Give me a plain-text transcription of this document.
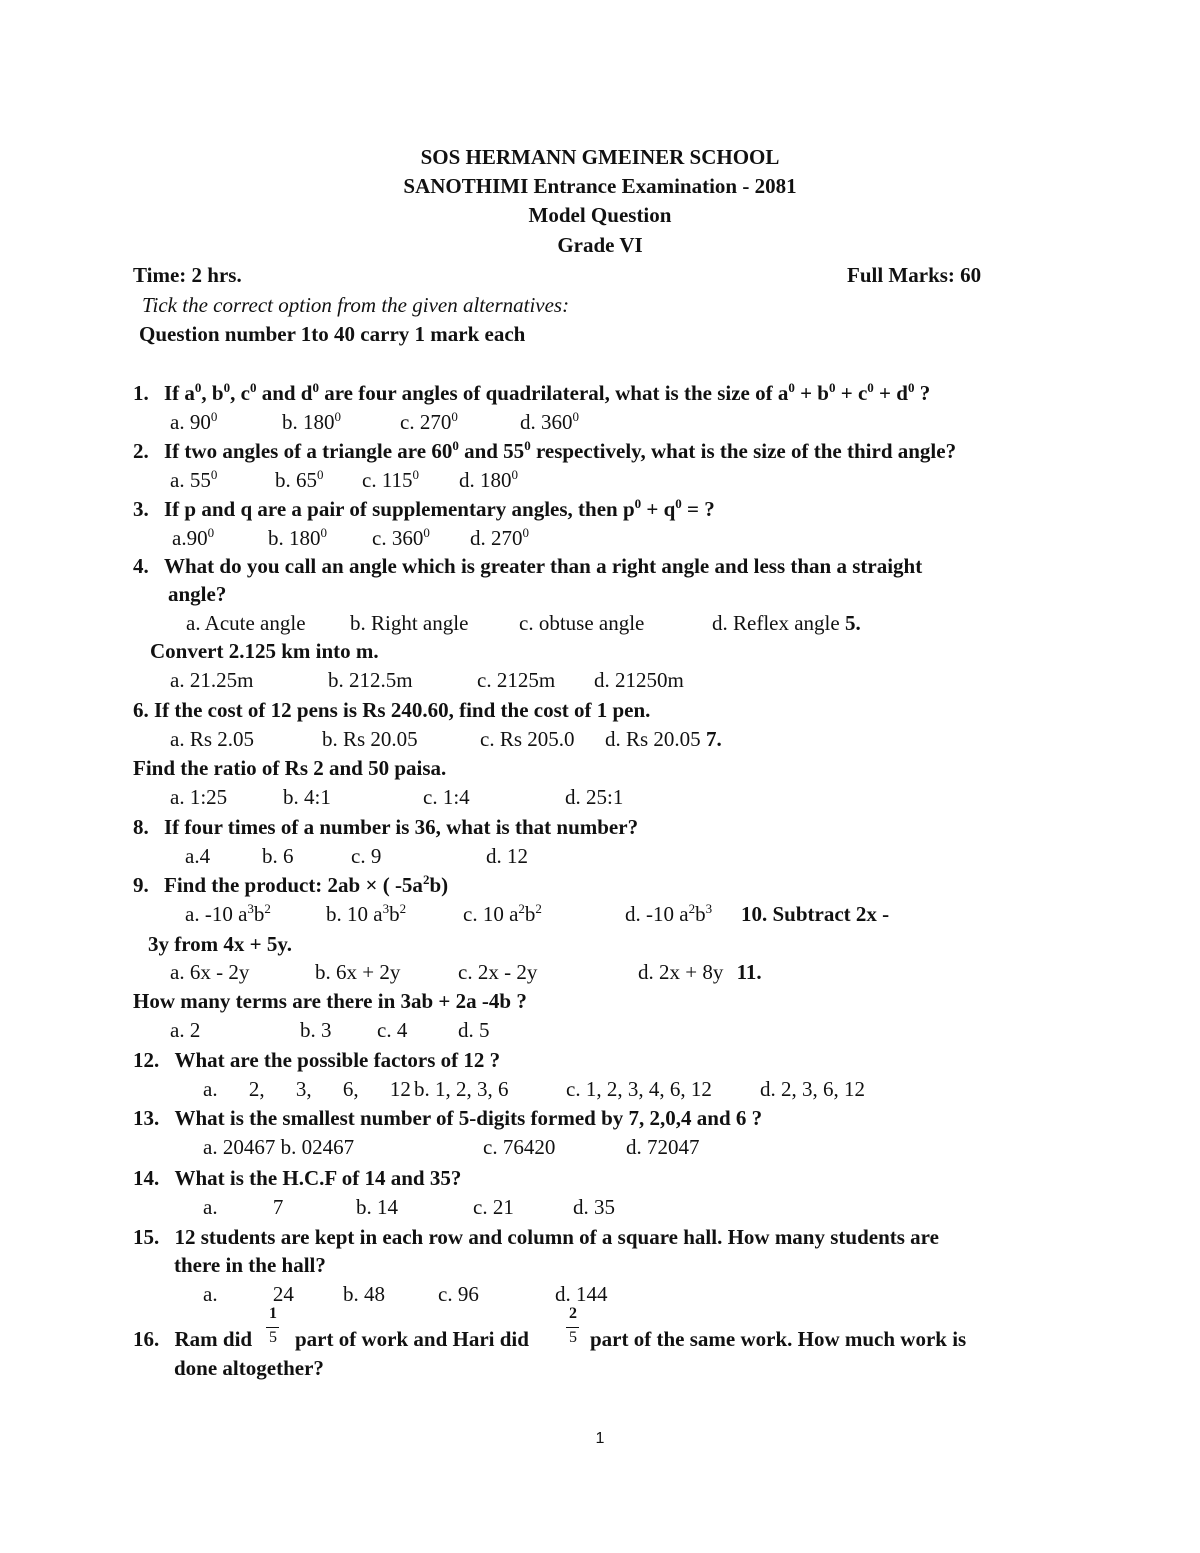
SOS HERMANN GMEINER SCHOOL
SANOTHIMI Entrance Examination - 2081
Model Question
Grade VI
Time: 2 hrs.	Full Marks: 60
Tick the correct option from the given alternatives:
Question number 1to 40 carry 1 mark each
1. If $a^0$, $b^0$, $c^0$ and $d^0$ are four angles of quadrilateral, what is the size of $a^0 + b^0 + c^0 + d^0$ ?
a. $90^0$	b. $180^0$	c. $270^0$	d. $360^0$
2. If two angles of a triangle are $60^0$ and $55^0$ respectively, what is the size of the third angle?
a. $55^0$	b. $65^0$ c. $115^0$ d. $180^0$
3. If p and q are a pair of supplementary angles, then $p^0 + q^0$ = ?
$a.90^0$	b. $180^0$ c. $360^0$ d. $270^0$
4. What do you call an angle which is greater than a right angle and less than a straight
angle?
a. Acute angle b. Right angle c. obtuse angle	d. Reflex angle 5.
Convert 2.125 km into m.
a. 21.25m	b. 212.5m	c. 2125m d. 21250m
6. If the cost of 12 pens is Rs 240.60, find the cost of 1 pen.
a. Rs 2.05	b. Rs 20.05	c. Rs 205.0 d. Rs 20.05 7.
Find the ratio of Rs 2 and 50 paisa.
a. 1:25	b. 4:1	c. 1:4	d. 25:1
8. If four times of a number is 36, what is that number?
a.4 b. 6	c. 9	d. 12
9. Find the product: 2ab × ( $-5a^2b$)
a. -10 $a^3b^2$	b. 10 $a^3b^2$	c. 10 $a^2b^2$	d. -10 $a^2b^3$ 10. Subtract 2x -
3y from 4x + 5y.
a. 6x - 2y	b. 6x + 2y	c. 2x - 2y	d. 2x + 8y 11.
How many terms are there in 3ab + 2a -4b ?
a. 2	b. 3 c. 4 d. 5
12. What are the possible factors of 12 ?
a. 2, 3, 6, 12 b. 1, 2, 3, 6	c. 1, 2, 3, 4, 6, 12 d. 2, 3, 6, 12
13. What is the smallest number of 5-digits formed by 7, 2,0,4 and 6 ?
a. 20467 b. 02467	c. 76420	d. 72047
14. What is the H.C.F of 14 and 35?
a. 7	b. 14	c. 21	d. 35
15. 12 students are kept in each row and column of a square hall. How many students are
there in the hall?
a. 24 b. 48	c. 96	d. 144
16. Ram did
1
5 part of work and Hari did
2
5 part of the same work. How much work is
done altogether?
1
